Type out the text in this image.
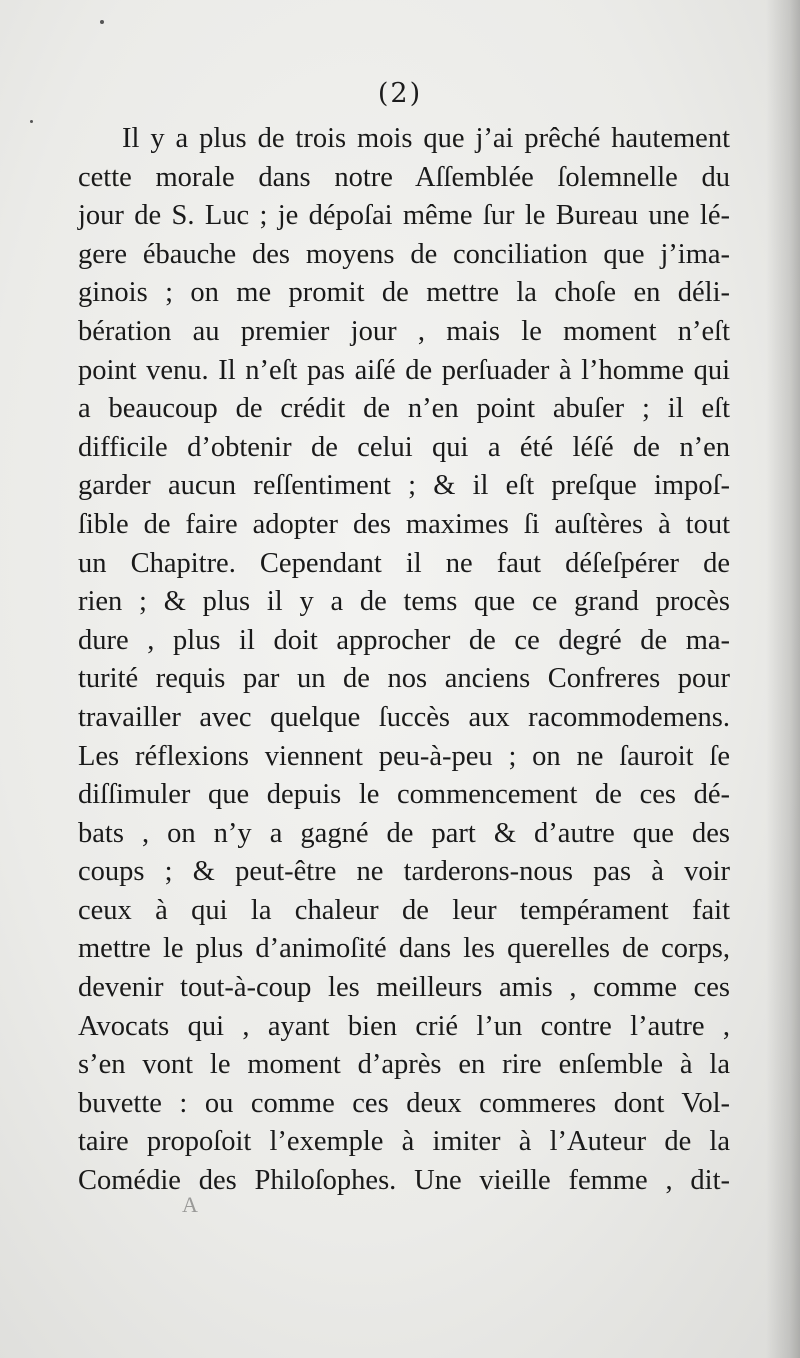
(2)
Il y a plus de trois mois que j’ai prêché hautement
cette morale dans notre Aſſemblée ſolemnelle du
jour de S. Luc ; je dépoſai même ſur le Bureau une lé-
gere ébauche des moyens de conciliation que j’ima-
ginois ; on me promit de mettre la choſe en déli-
bération au premier jour , mais le moment n’eſt
point venu. Il n’eſt pas aiſé de perſuader à l’homme qui
a beaucoup de crédit de n’en point abuſer ; il eſt
difficile d’obtenir de celui qui a été léſé de n’en
garder aucun reſſentiment ; & il eſt preſque impoſ-
ſible de faire adopter des maximes ſi auſtères à tout
un Chapitre. Cependant il ne faut déſeſpérer de
rien ; & plus il y a de tems que ce grand procès
dure , plus il doit approcher de ce degré de ma-
turité requis par un de nos anciens Confreres pour
travailler avec quelque ſuccès aux racommodemens.
Les réflexions viennent peu-à-peu ; on ne ſauroit ſe
diſſimuler que depuis le commencement de ces dé-
bats , on n’y a gagné de part & d’autre que des
coups ; & peut-être ne tarderons-nous pas à voir
ceux à qui la chaleur de leur tempérament fait
mettre le plus d’animoſité dans les querelles de corps,
devenir tout-à-coup les meilleurs amis , comme ces
Avocats qui , ayant bien crié l’un contre l’autre ,
s’en vont le moment d’après en rire enſemble à la
buvette : ou comme ces deux commeres dont Vol-
taire propoſoit l’exemple à imiter à l’Auteur de la
Comédie des Philoſophes. Une vieille femme , dit-
A
